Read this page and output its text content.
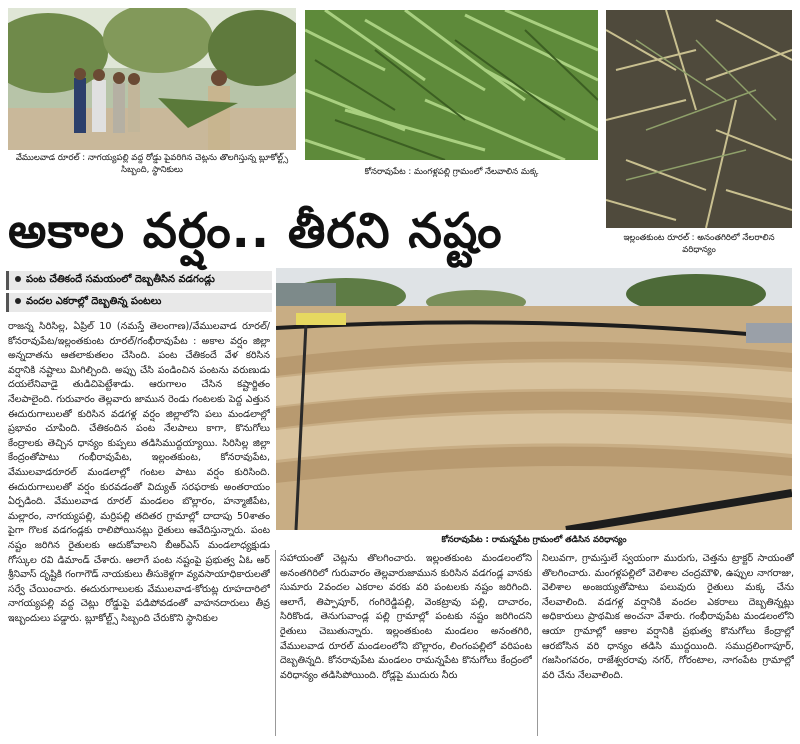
వేములవాడ రూరల్‌ : నాగయ్యపల్లి వద్ద రోడ్డు పైవరిగిన చెట్లను తొలగిస్తున్న బ్లూకోల్ట్స్‌ సిబ్బంది, స్థానికులు	కోనరావుపేట : మంగళ్లపల్లి గ్రామంలో నేలవాలిన మక్క
ఇల్లంతకుంట రూరల్‌ : అనంతగిరిలో నేలరాలిన వరిధాన్యం
అకాల వర్షం.. తీరని నష్టం
పంట చేతికందే సమయంలో దెబ్బతీసిన వడగండ్లు
వందల ఎకరాల్లో దెబ్బతిన్న పంటలు
కోనరావుపేట : రామన్నపేట గ్రామంలో తడిసిన వరిధాన్యం

రాజన్న సిరిసిల్ల, ఏప్రిల్‌ 10 (నమస్తే తెలంగాణ)/వేములవాడ రూరల్‌/కోనరావుపేట/ఇల్లంతకుంట రూరల్‌/గంభీరావుపేట : అకాల వర్షం జిల్లా అన్నదాతను ఆతలాకుతలం చేసింది. పంట చేతికందే వేళ కరిసిన వర్షానికి నష్టాలు మిగిల్చింది. అప్పు చేసి పండించిన పంటను వరుణుడు దయలేనివాడై తుడిచిపెట్టేశాడు. ఆరుగాలం చేసిన కష్టార్జితం నేలపాలైంది. గురువారం తెల్లవారు జామున రెండు గంటలకు పెద్ద ఎత్తున ఈదురుగాలులతో కురిసిన వడగళ్ల వర్షం జిల్లాలోని పలు మండలాల్లో ప్రభావం చూపింది. చేతికందిన పంట నేలపాలు కాగా, కొనుగోలు కేంద్రాలకు తెచ్చిన ధాన్యం కుప్పలు తడిసిముద్దయ్యాయి. సిరిసిల్ల జిల్లా కేంద్రంతోపాటు గంభీరావుపేట, ఇల్లంతకుంట, కోనరావుపేట, వేములవాడరూరల్‌ మండలాల్లో గంటల పాటు వర్షం కురిసింది. ఈదురుగాలులతో వర్షం కురవడంతో విద్యుత్‌ సరఫరాకు అంతరాయం ఏర్పడింది. వేములవాడ రూరల్‌ మండలం బొల్లారం, హన్మాజీపేట, మల్లారం, నాగయ్యపల్లి, మర్రిపల్లి తదితర గ్రామాల్లో దాదాపు 50శాతం పైగా గొలక వడగండ్లకు రాలిపోయినట్లు రైతులు ఆవేదిస్తున్నారు. పంట నష్టం జరిగిన రైతులకు ఆదుకోవాలని బీఆర్‌ఎస్‌ మండలాధ్యక్షుడు గోస్కుల రవి డిమాండ్‌ చేశారు. ఆలాగే పంట నష్టంపై ప్రభుత్వ ఏఓ ఆర్‌ శ్రీనివాస్‌ దృష్టికి గంగాగౌడ్‌ నాయకులు తీసుకెళ్లగా వ్యవసాయాధికారులతో సర్వే చేయించారు. ఈదురుగాలులకు వేములవాడ-కోరుట్ల రూహదారిలో నాగయ్యపల్లి వద్ద చెట్లు రోడ్డుపై పడిపోవడంతో వాహనదారులు తీవ్ర ఇబ్బందులు పడ్డారు. బ్లూకోల్ట్స్‌ సిబ్బంది చేరుకొని స్థానికుల

సహాయంతో చెట్లను తొలగించారు. ఇల్లంతకుంట మండలంలోని అనంతగిరిలో గురువారం తెల్లవారుజామున కురిసిన వడగండ్ల వానకు సుమారు 2వందల ఎకరాల వరకు వరి పంటలకు నష్టం జరిగింది. ఆలాగే, తిప్పాపూర్‌, గంగిరెడ్డిపల్లి, వెంకట్రావు పల్లి, దాచారం, సిరికొండ, తెనుగువాండ్ల పల్లి గ్రామాల్లో పంటకు నష్టం జరిగిందని రైతులు చెబుతున్నారు. ఇల్లంతకుంట మండలం అనంతగిరి, వేములవాడ రూరల్‌ మండలంలోని బొల్లారం, లింగంపల్లిలో వరిపంట దెబ్బతిన్నది. కోనరావుపేట మండలం రామన్నపేట కొనుగోలు కేంద్రంలో వరిధాన్యం తడిసిపోయింది. రోడ్లపై ముదురు నీరు

నిలువగా, గ్రామస్తులే స్వయంగా మురుగు, చెత్తను ట్రాక్టర్‌ సాయంతో తొలగించారు. మంగళ్లపల్లిలో వెలిశాల చంద్రమౌళి, ఉప్పుల నాగరాజు, వెలిశాల అంజయ్యతోపాటు పలువురు రైతులు మక్క చేను నేలవాలింది. వడగళ్ల వర్షానికి వందల ఎకరాలు దెబ్బతిన్నట్లు అధికారులు ప్రాథమిక అంచనా వేశారు. గంభీరావుపేట మండలంలోని ఆయా గ్రామాల్లో ఆకాల వర్షానికి ప్రభుత్వ కొనుగోలు కేంద్రాల్లో ఆరబోసిన వరి ధాన్యం తడిసి ముద్దయింది. సముద్రలింగాపూర్‌, గజసింగవరం, రాజేశ్వరరావు నగర్‌, గోరంటాల, నాగంపేట గ్రామాల్లో వరి చేను నేలవాలింది.
